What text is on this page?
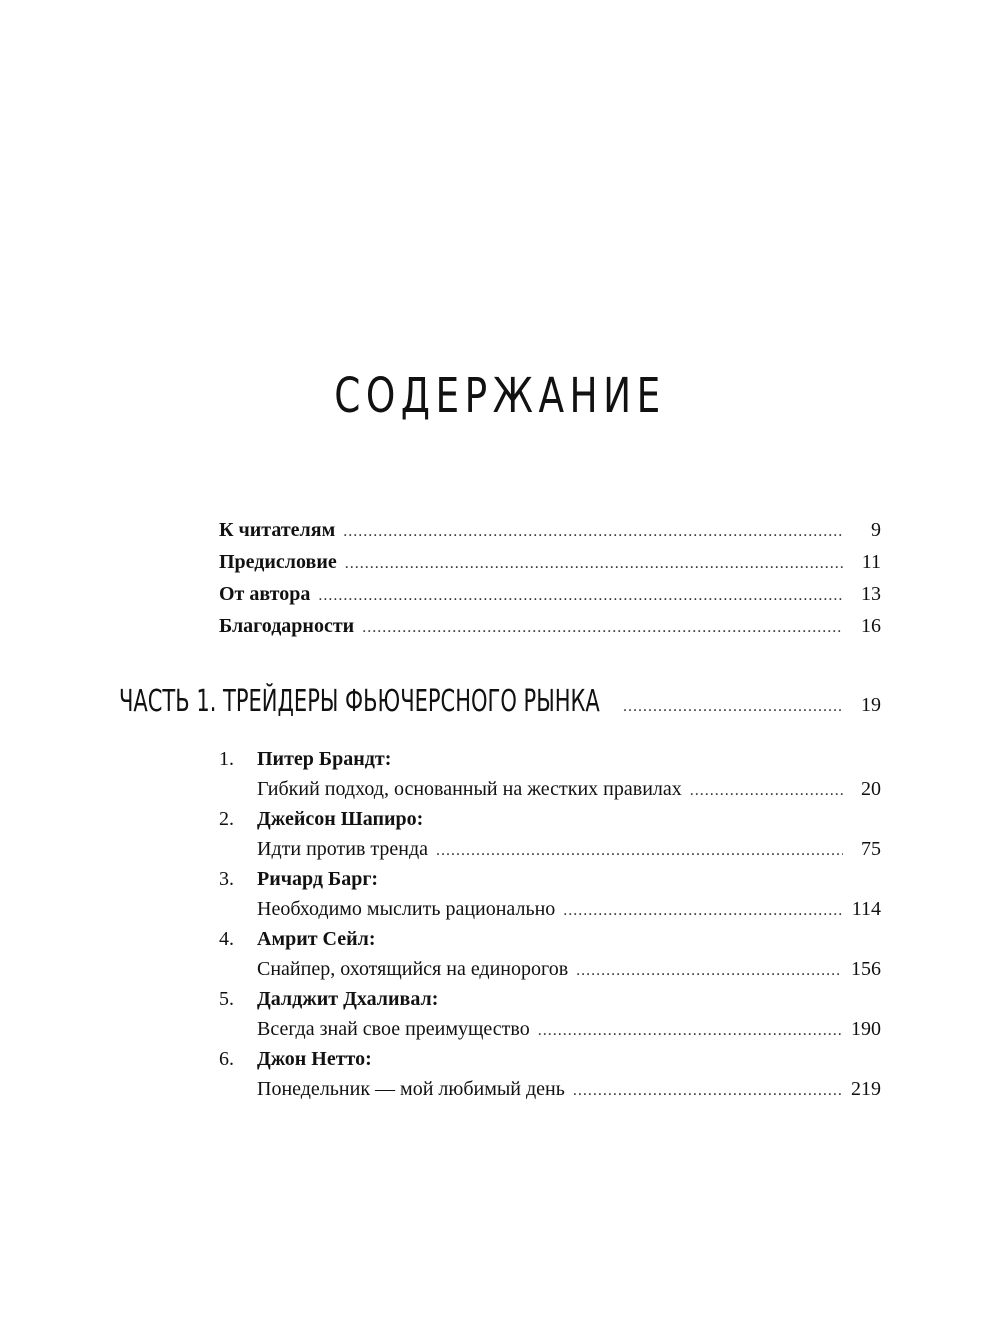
СОДЕРЖАНИЕ
К читателям .....	9
Предисловие .....	11
От автора .....	13
Благодарности .....	16
ЧАСТЬ 1. ТРЕЙДЕРЫ ФЬЮЧЕРСНОГО РЫНКА .....	19
1.	Питер Брандт:
Гибкий подход, основанный на жестких правилах .....	20
2.	Джейсон Шапиро:
Идти против тренда .....	75
3.	Ричард Барг:
Необходимо мыслить рационально .....	114
4.	Амрит Сейл:
Снайпер, охотящийся на единорогов .....	156
5.	Далджит Дхаливал:
Всегда знай свое преимущество .....	190
6.	Джон Нетто:
Понедельник — мой любимый день .....	219
